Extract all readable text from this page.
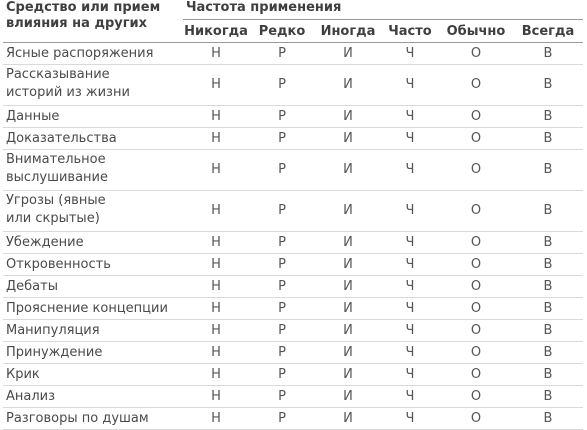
Средство или прием
влияния на других	Частота применения					
	Никогда	Редко	Иногда	Часто	Обычно	Всегда

Ясные распоряжения	Н	Р	И	Ч	О	В

Рассказывание
историй из жизни	Н	Р	И	Ч	О	В

Данные	Н	Р	И	Ч	О	В

Доказательства	Н	Р	И	Ч	О	В

Внимательное
выслушивание	Н	Р	И	Ч	О	В

Угрозы (явные
или скрытые)	Н	Р	И	Ч	О	В

Убеждение	Н	Р	И	Ч	О	В

Откровенность	Н	Р	И	Ч	О	В

Дебаты	Н	Р	И	Ч	О	В

Прояснение концепции	Н	Р	И	Ч	О	В

Манипуляция	Н	Р	И	Ч	О	В

Принуждение	Н	Р	И	Ч	О	В

Крик	Н	Р	И	Ч	О	В

Анализ	Н	Р	И	Ч	О	В

Разговоры по душам	Н	Р	И	Ч	О	В
